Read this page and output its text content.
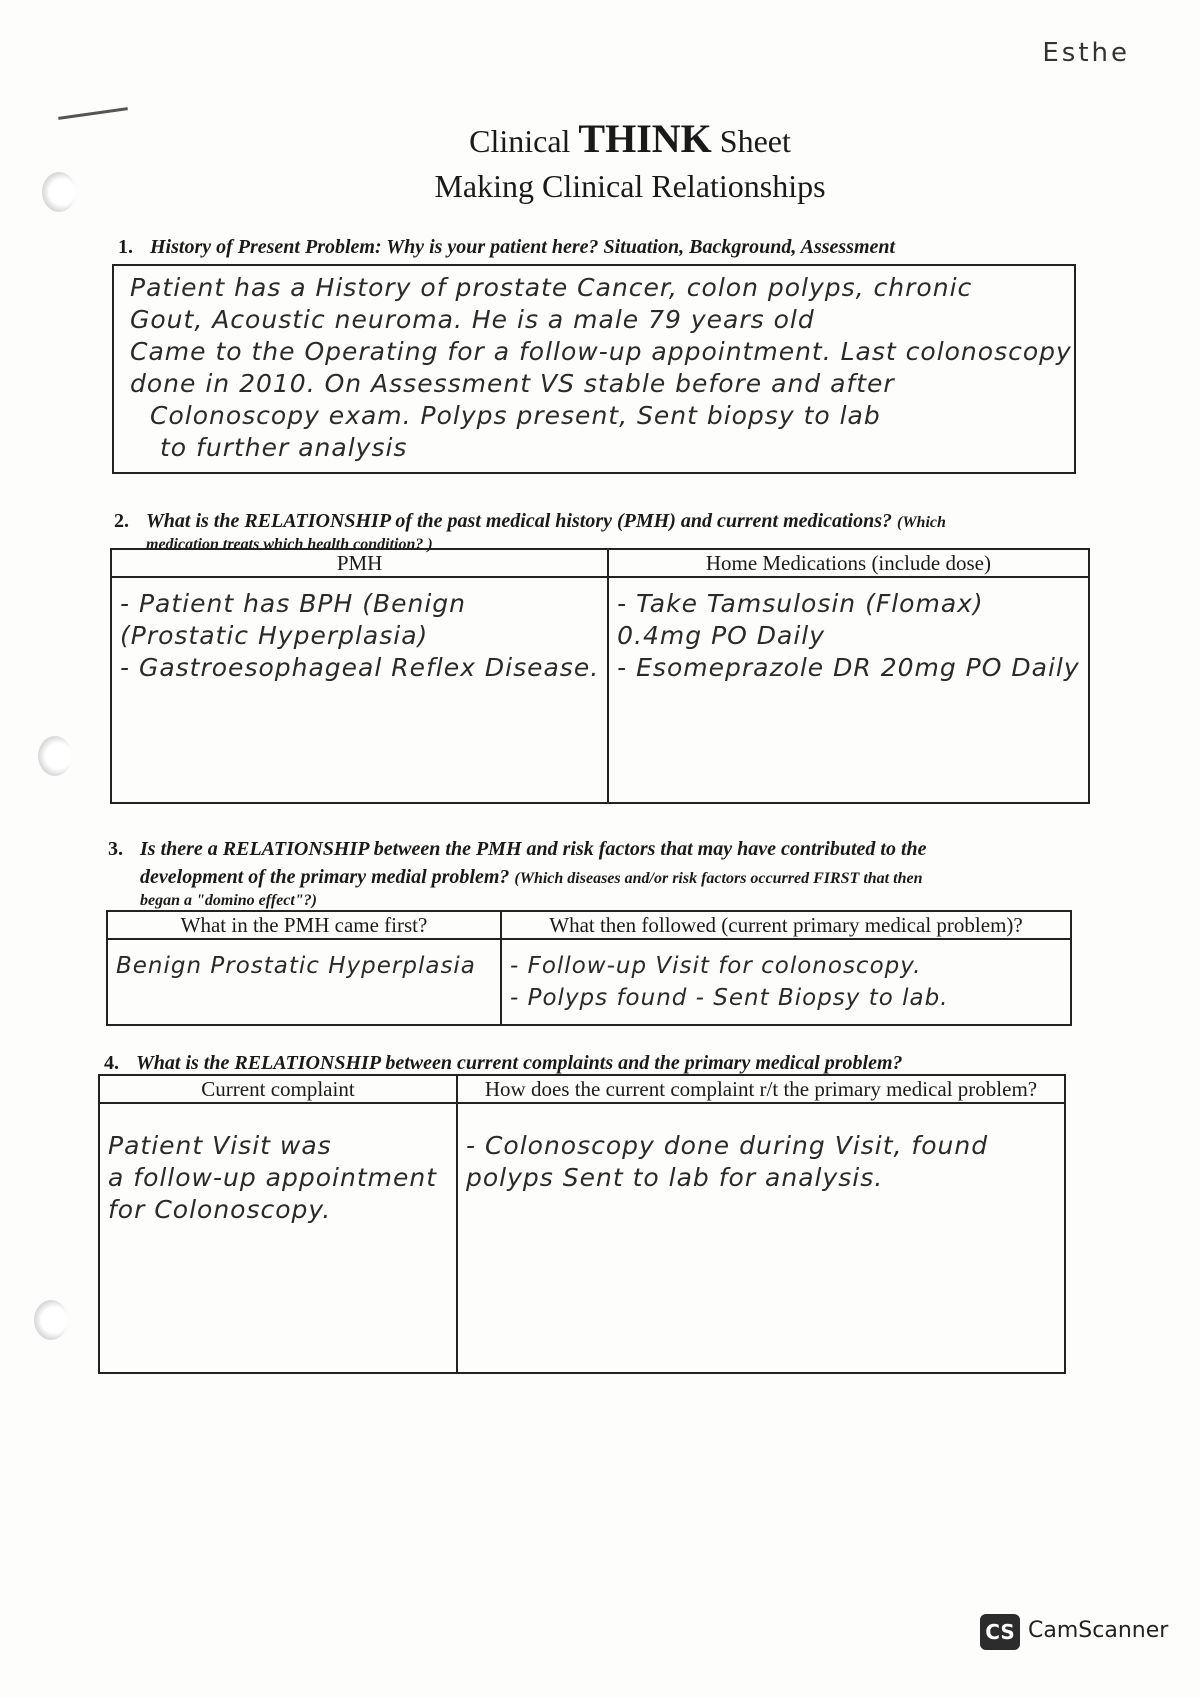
Esthe
Clinical THINK Sheet
Making Clinical Relationships
1. History of Present Problem: Why is your patient here? Situation, Background, Assessment
Patient has a History of prostate Cancer, colon polyps, chronic
Gout, Acoustic neuroma. He is a male 79 years old
Came to the Operating for a follow-up appointment. Last colonoscopy
done in 2010. On Assessment VS stable before and after
Colonoscopy exam. Polyps present, Sent biopsy to lab
to further analysis
2. What is the RELATIONSHIP of the past medical history (PMH) and current medications? (Which
medication treats which health condition? )
PMH	Home Medications (include dose)

- Patient has BPH (Benign
(Prostatic Hyperplasia)
- Gastroesophageal Reflex Disease.	- Take Tamsulosin (Flomax)
0.4mg PO Daily
- Esomeprazole DR 20mg PO Daily
3. Is there a RELATIONSHIP between the PMH and risk factors that may have contributed to the
development of the primary medial problem? (Which diseases and/or risk factors occurred FIRST that then
began a "domino effect"?)
What in the PMH came first?	What then followed (current primary medical problem)?

Benign Prostatic Hyperplasia	- Follow-up Visit for colonoscopy.
- Polyps found - Sent Biopsy to lab.
4. What is the RELATIONSHIP between current complaints and the primary medical problem?
Current complaint	How does the current complaint r/t the primary medical problem?

Patient Visit was
a follow-up appointment
for Colonoscopy.	- Colonoscopy done during Visit, found
polyps Sent to lab for analysis.
CS CamScanner
